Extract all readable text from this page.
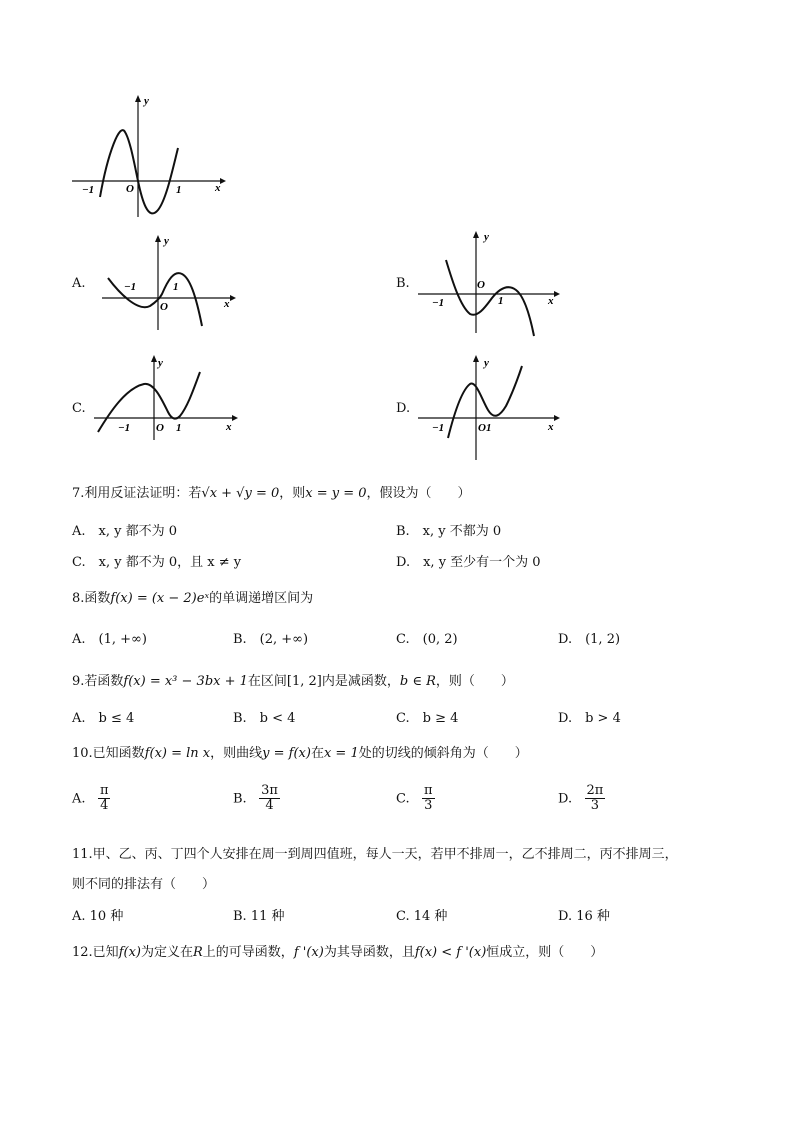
y
x
−1	O	1
A.
y
x
−1
O
1	B.
y
x
−1
O
1
C.
y
x
−1 O 1
D.
y
x
−1	O1
7.利用反证法证明：若√x + √y = 0，则x = y = 0，假设为（　　）
A.　x, y 都不为 0	B.　x, y 不都为 0
C.　x, y 都不为 0，且 x ≠ y	D.　x, y 至少有一个为 0
8.函数f(x) = (x − 2)eˣ的单调递增区间为
A.　(1, +∞)	B.　(2, +∞)	C.　(0, 2)	D.　(1, 2)
9.若函数f(x) = x³ − 3bx + 1在区间[1, 2]内是减函数，b ∈ R，则（　　）
A.　b ≤ 4	B.　b < 4	C.　b ≥ 4	D.　b > 4
10.已知函数f(x) = ln x，则曲线y = f(x)在x = 1处的切线的倾斜角为（　　）
A. $\frac{\pi}{4}$	B. $\frac{3\pi}{4}$	C. $\frac{\pi}{3}$	D. $\frac{2\pi}{3}$
11.甲、乙、丙、丁四个人安排在周一到周四值班，每人一天，若甲不排周一，乙不排周二，丙不排周三，
则不同的排法有（　　）
A. 10 种	B. 11 种	C. 14 种	D. 16 种
12.已知f(x)为定义在R上的可导函数，f '(x)为其导函数，且f(x) < f '(x)恒成立，则（　　）
